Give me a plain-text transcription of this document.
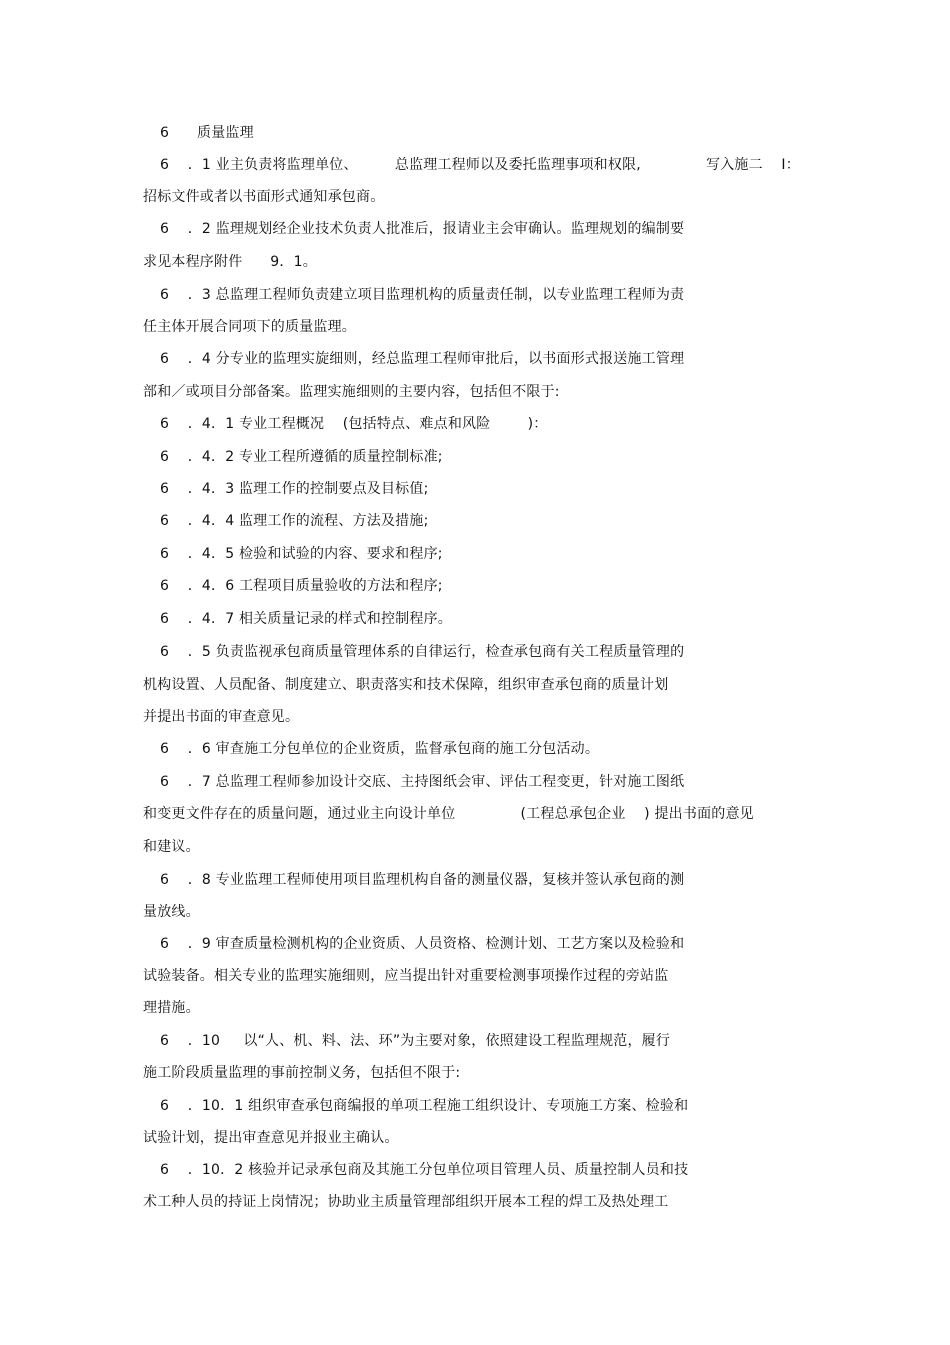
6      质量监理
6    ．1 业主负责将监理单位、        总监理工程师以及委托监理事项和权限,              写入施二    I：
招标文件或者以书面形式通知承包商。
6    ．2 监理规划经企业技术负责人批准后，报请业主会审确认。监理规划的编制要
求见本程序附件      9．1。
6    ．3 总监理工程师负责建立项目监理机构的质量责任制，以专业监理工程师为责
任主体开展合同项下的质量监理。
6    ．4 分专业的监理实旋细则，经总监理工程师审批后，以书面形式报送施工管理
部和／或项目分部备案。监理实施细则的主要内容，包括但不限于:
6    ．4．1 专业工程概况    (包括特点、难点和风险        )：
6    ．4．2 专业工程所遵循的质量控制标准;
6    ．4．3 监理工作的控制要点及目标值;
6    ．4．4 监理工作的流程、方法及措施;
6    ．4．5 检验和试验的内容、要求和程序;
6    ．4．6 工程项目质量验收的方法和程序;
6    ．4．7 相关质量记录的样式和控制程序。
6    ．5 负责监视承包商质量管理体系的自律运行，检查承包商有关工程质量管理的
机构设置、人员配备、制度建立、职责落实和技术保障，组织审查承包商的质量计划
并提出书面的审查意见。
6    ．6 审查施工分包单位的企业资质，监督承包商的施工分包活动。
6    ．7 总监理工程师参加设计交底、主持图纸会审、评估工程变更，针对施工图纸
和变更文件存在的质量问题，通过业主向设计单位              (工程总承包企业    ) 提出书面的意见
和建议。
6    ．8 专业监理工程师使用项目监理机构自备的测量仪器，复核并签认承包商的测
量放线。
6    ．9 审查质量检测机构的企业资质、人员资格、检测计划、工艺方案以及检验和
试验装备。相关专业的监理实施细则，应当提出针对重要检测事项操作过程的旁站监
理措施。
6    ．10     以“人、机、料、法、环”为主要对象，依照建设工程监理规范，履行
施工阶段质量监理的事前控制义务，包括但不限于:
6    ．10．1 组织审查承包商编报的单项工程施工组织设计、专项施工方案、检验和
试验计划，提出审查意见并报业主确认。
6    ．10．2 核验并记录承包商及其施工分包单位项目管理人员、质量控制人员和技
术工种人员的持证上岗情况；协助业主质量管理部组织开展本工程的焊工及热处理工
